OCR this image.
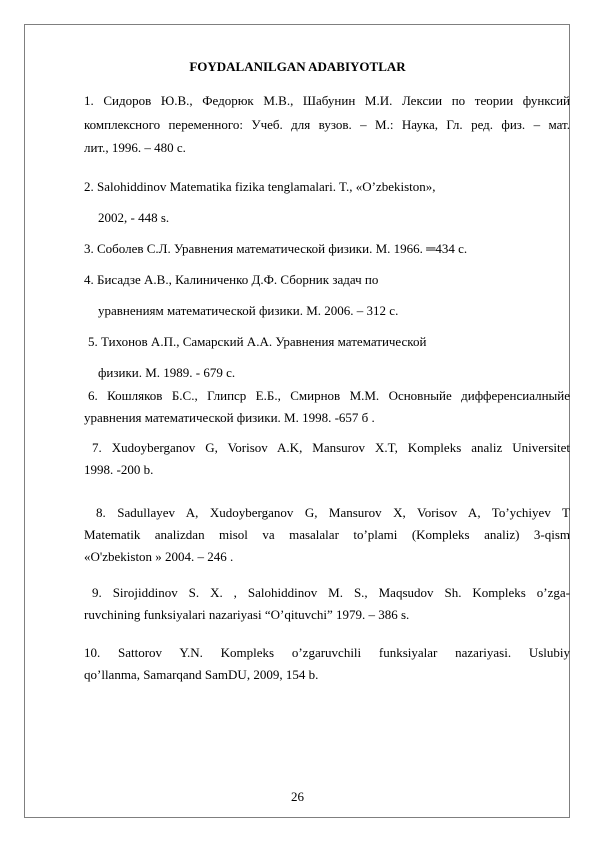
FOYDALANILGAN ADABIYOTLAR
1. Сидоров Ю.В., Федорюк М.В., Шабунин М.И. Лексии по теории функсий
комплексного переменного: Учеб. для вузов. – М.: Наука, Гл. ред. физ. – мат.
лит., 1996. – 480 с.
2. Salohiddinov Matematika fizika tenglamalari. T., «O’zbekiston»,
2002, - 448 s.
3. Соболев С.Л. Уравнения математической физики. М. 1966. ═434 с.
4. Бисадзе А.В., Калиниченко Д.Ф. Сборник задач по
уравнениям математической физики. М. 2006. – 312 с.
5. Тихонов А.П., Самарский А.А. Уравнения математической
физики. М. 1989. - 679 с.
6. Кошляков Б.С., Глипср Е.Б., Смирнов М.М. Основныйе дифференсиалныйе
уравнения математической физики. М. 1998. -657 б .
7. Xudoyberganov G, Vorisov A.K, Mansurov X.T, Kompleks analiz Universitet
1998. -200 b.
8. Sadullayev A, Xudoyberganov G, Mansurov X, Vorisov A, To’ychiyev T
Matematik analizdan misol va masalalar to’plami (Kompleks analiz) 3-qism
«O'zbekiston » 2004. – 246 .
9. Sirojiddinov S. X. , Salohiddinov M. S., Maqsudov Sh. Kompleks o’zga-
ruvchining funksiyalari nazariyasi “O’qituvchi” 1979. – 386 s.
10. Sattorov Y.N. Kompleks o’zgaruvchili funksiyalar nazariyasi. Uslubiy
qo’llanma, Samarqand SamDU, 2009, 154 b.
26
